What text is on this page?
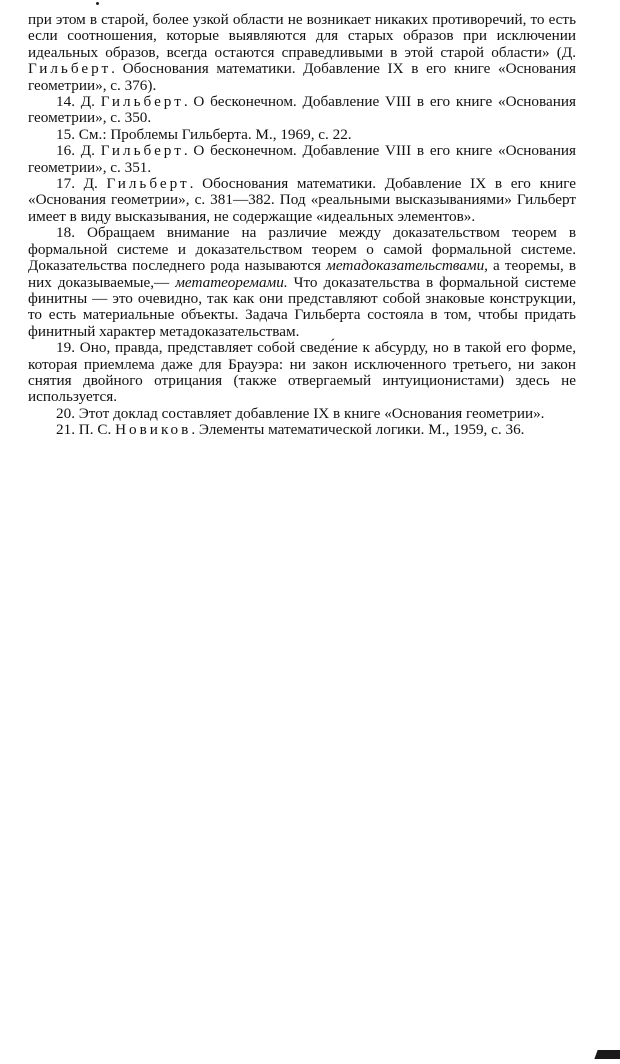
при этом в старой, более узкой области не возникает никаких противоречий, то есть если соотношения, которые выявляются для старых образов при исключении идеальных образов, всегда остаются справедливыми в этой старой области» (Д. Гильберт. Обоснования математики. Добавление IX в его книге «Основания геометрии», с. 376).

14. Д. Гильберт. О бесконечном. Добавление VIII в его книге «Основания геометрии», с. 350.

15. См.: Проблемы Гильберта. М., 1969, с. 22.

16. Д. Гильберт. О бесконечном. Добавление VIII в его книге «Основания геометрии», с. 351.

17. Д. Гильберт. Обоснования математики. Добавление IX в его книге «Основания геометрии», с. 381—382. Под «реальными высказываниями» Гильберт имеет в виду высказывания, не содержащие «идеальных элементов».

18. Обращаем внимание на различие между доказательством теорем в формальной системе и доказательством теорем о самой формальной системе. Доказательства последнего рода называются метадоказательствами, а теоремы, в них доказываемые,— метатеоремами. Что доказательства в формальной системе финитны — это очевидно, так как они представляют собой знаковые конструкции, то есть материальные объекты. Задача Гильберта состояла в том, чтобы придать финитный характер метадоказательствам.

19. Оно, правда, представляет собой сведе́ние к абсурду, но в такой его форме, которая приемлема даже для Брауэра: ни закон исключенного третьего, ни закон снятия двойного отрицания (также отвергаемый интуиционистами) здесь не используется.

20. Этот доклад составляет добавление IX в книге «Основания геометрии».

21. П. С. Новиков. Элементы математической логики. М., 1959, с. 36.
